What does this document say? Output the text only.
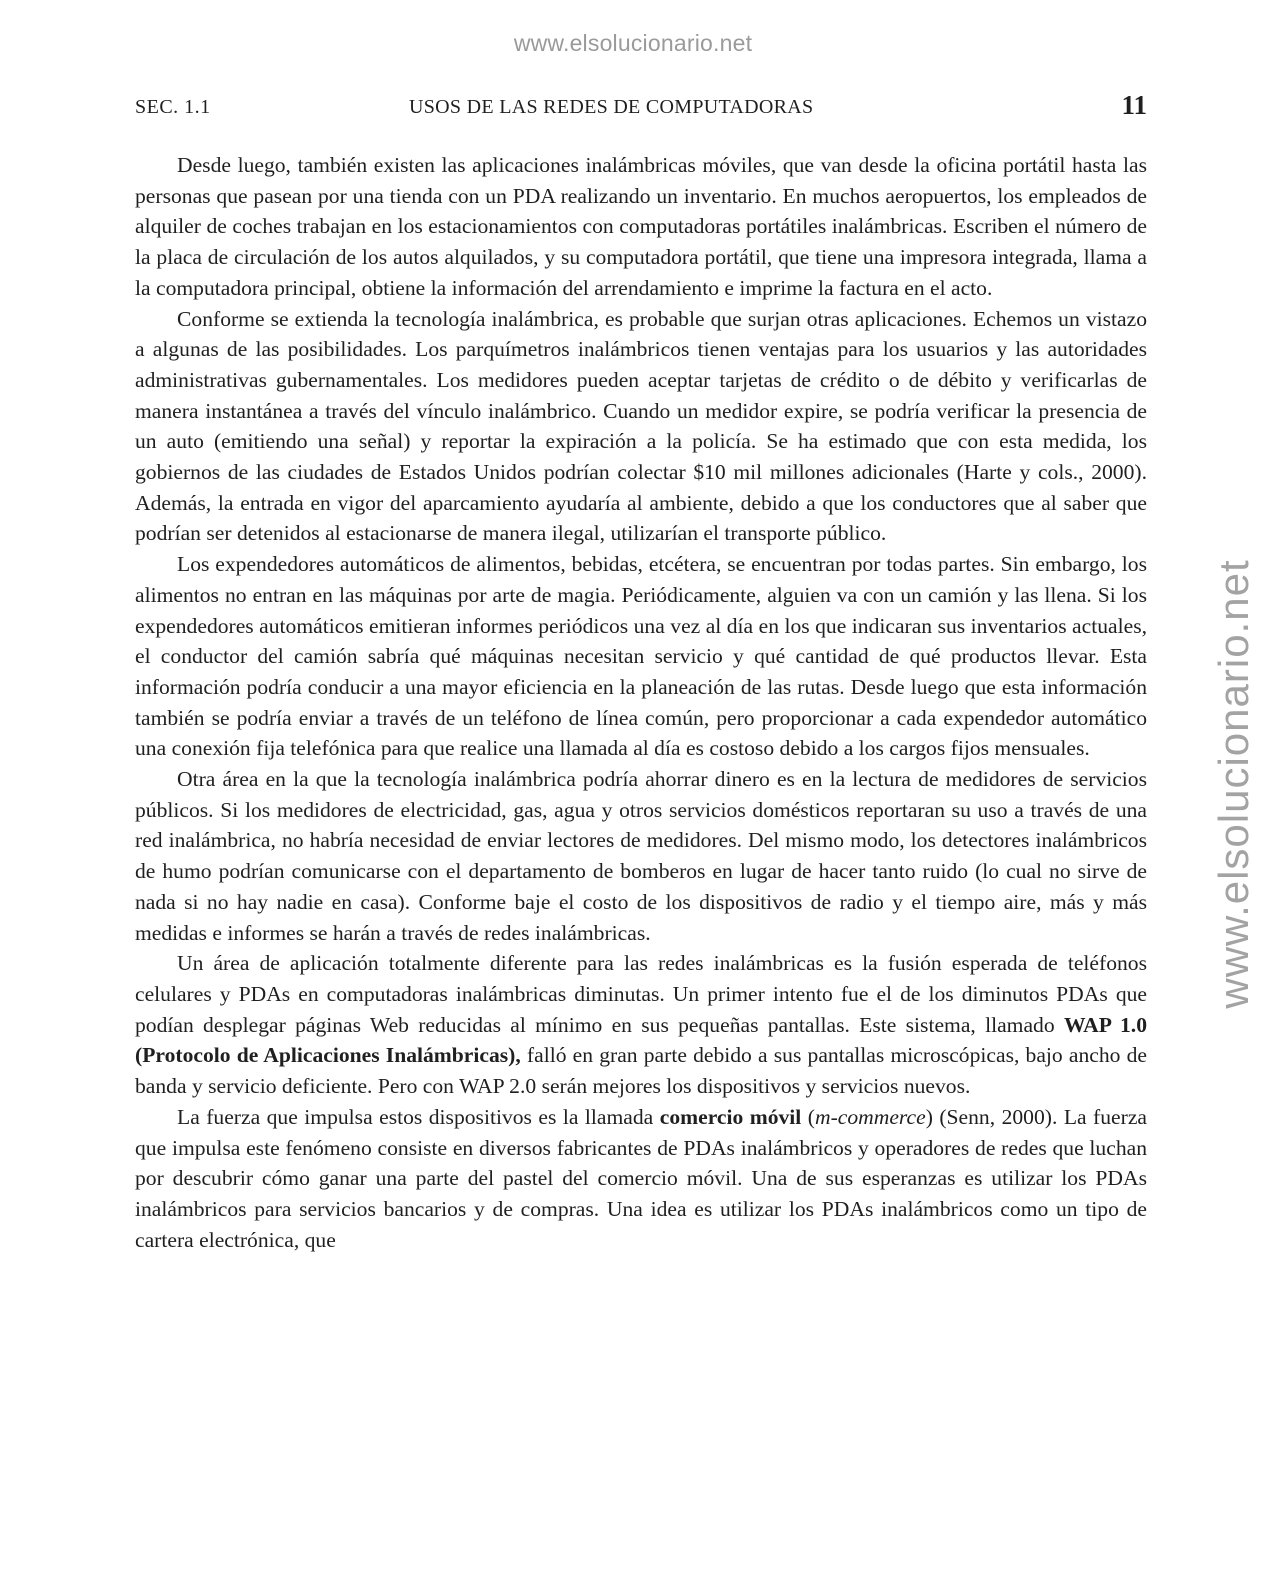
www.elsolucionario.net
www.elsolucionario.net
SEC. 1.1	USOS DE LAS REDES DE COMPUTADORAS	11

Desde luego, también existen las aplicaciones inalámbricas móviles, que van desde la oficina portátil hasta las personas que pasean por una tienda con un PDA realizando un inventario. En muchos aeropuertos, los empleados de alquiler de coches trabajan en los estacionamientos con computadoras portátiles inalámbricas. Escriben el número de la placa de circulación de los autos alquilados, y su computadora portátil, que tiene una impresora integrada, llama a la computadora principal, obtiene la información del arrendamiento e imprime la factura en el acto.

Conforme se extienda la tecnología inalámbrica, es probable que surjan otras aplicaciones. Echemos un vistazo a algunas de las posibilidades. Los parquímetros inalámbricos tienen ventajas para los usuarios y las autoridades administrativas gubernamentales. Los medidores pueden aceptar tarjetas de crédito o de débito y verificarlas de manera instantánea a través del vínculo inalámbrico. Cuando un medidor expire, se podría verificar la presencia de un auto (emitiendo una señal) y reportar la expiración a la policía. Se ha estimado que con esta medida, los gobiernos de las ciudades de Estados Unidos podrían colectar $10 mil millones adicionales (Harte y cols., 2000). Además, la entrada en vigor del aparcamiento ayudaría al ambiente, debido a que los conductores que al saber que podrían ser detenidos al estacionarse de manera ilegal, utilizarían el transporte público.

Los expendedores automáticos de alimentos, bebidas, etcétera, se encuentran por todas partes. Sin embargo, los alimentos no entran en las máquinas por arte de magia. Periódicamente, alguien va con un camión y las llena. Si los expendedores automáticos emitieran informes periódicos una vez al día en los que indicaran sus inventarios actuales, el conductor del camión sabría qué máquinas necesitan servicio y qué cantidad de qué productos llevar. Esta información podría conducir a una mayor eficiencia en la planeación de las rutas. Desde luego que esta información también se podría enviar a través de un teléfono de línea común, pero proporcionar a cada expendedor automático una conexión fija telefónica para que realice una llamada al día es costoso debido a los cargos fijos mensuales.

Otra área en la que la tecnología inalámbrica podría ahorrar dinero es en la lectura de medidores de servicios públicos. Si los medidores de electricidad, gas, agua y otros servicios domésticos reportaran su uso a través de una red inalámbrica, no habría necesidad de enviar lectores de medidores. Del mismo modo, los detectores inalámbricos de humo podrían comunicarse con el departamento de bomberos en lugar de hacer tanto ruido (lo cual no sirve de nada si no hay nadie en casa). Conforme baje el costo de los dispositivos de radio y el tiempo aire, más y más medidas e informes se harán a través de redes inalámbricas.

Un área de aplicación totalmente diferente para las redes inalámbricas es la fusión esperada de teléfonos celulares y PDAs en computadoras inalámbricas diminutas. Un primer intento fue el de los diminutos PDAs que podían desplegar páginas Web reducidas al mínimo en sus pequeñas pantallas. Este sistema, llamado WAP 1.0 (Protocolo de Aplicaciones Inalámbricas), falló en gran parte debido a sus pantallas microscópicas, bajo ancho de banda y servicio deficiente. Pero con WAP 2.0 serán mejores los dispositivos y servicios nuevos.

La fuerza que impulsa estos dispositivos es la llamada comercio móvil (m-commerce) (Senn, 2000). La fuerza que impulsa este fenómeno consiste en diversos fabricantes de PDAs inalámbricos y operadores de redes que luchan por descubrir cómo ganar una parte del pastel del comercio móvil. Una de sus esperanzas es utilizar los PDAs inalámbricos para servicios bancarios y de compras. Una idea es utilizar los PDAs inalámbricos como un tipo de cartera electrónica, que
